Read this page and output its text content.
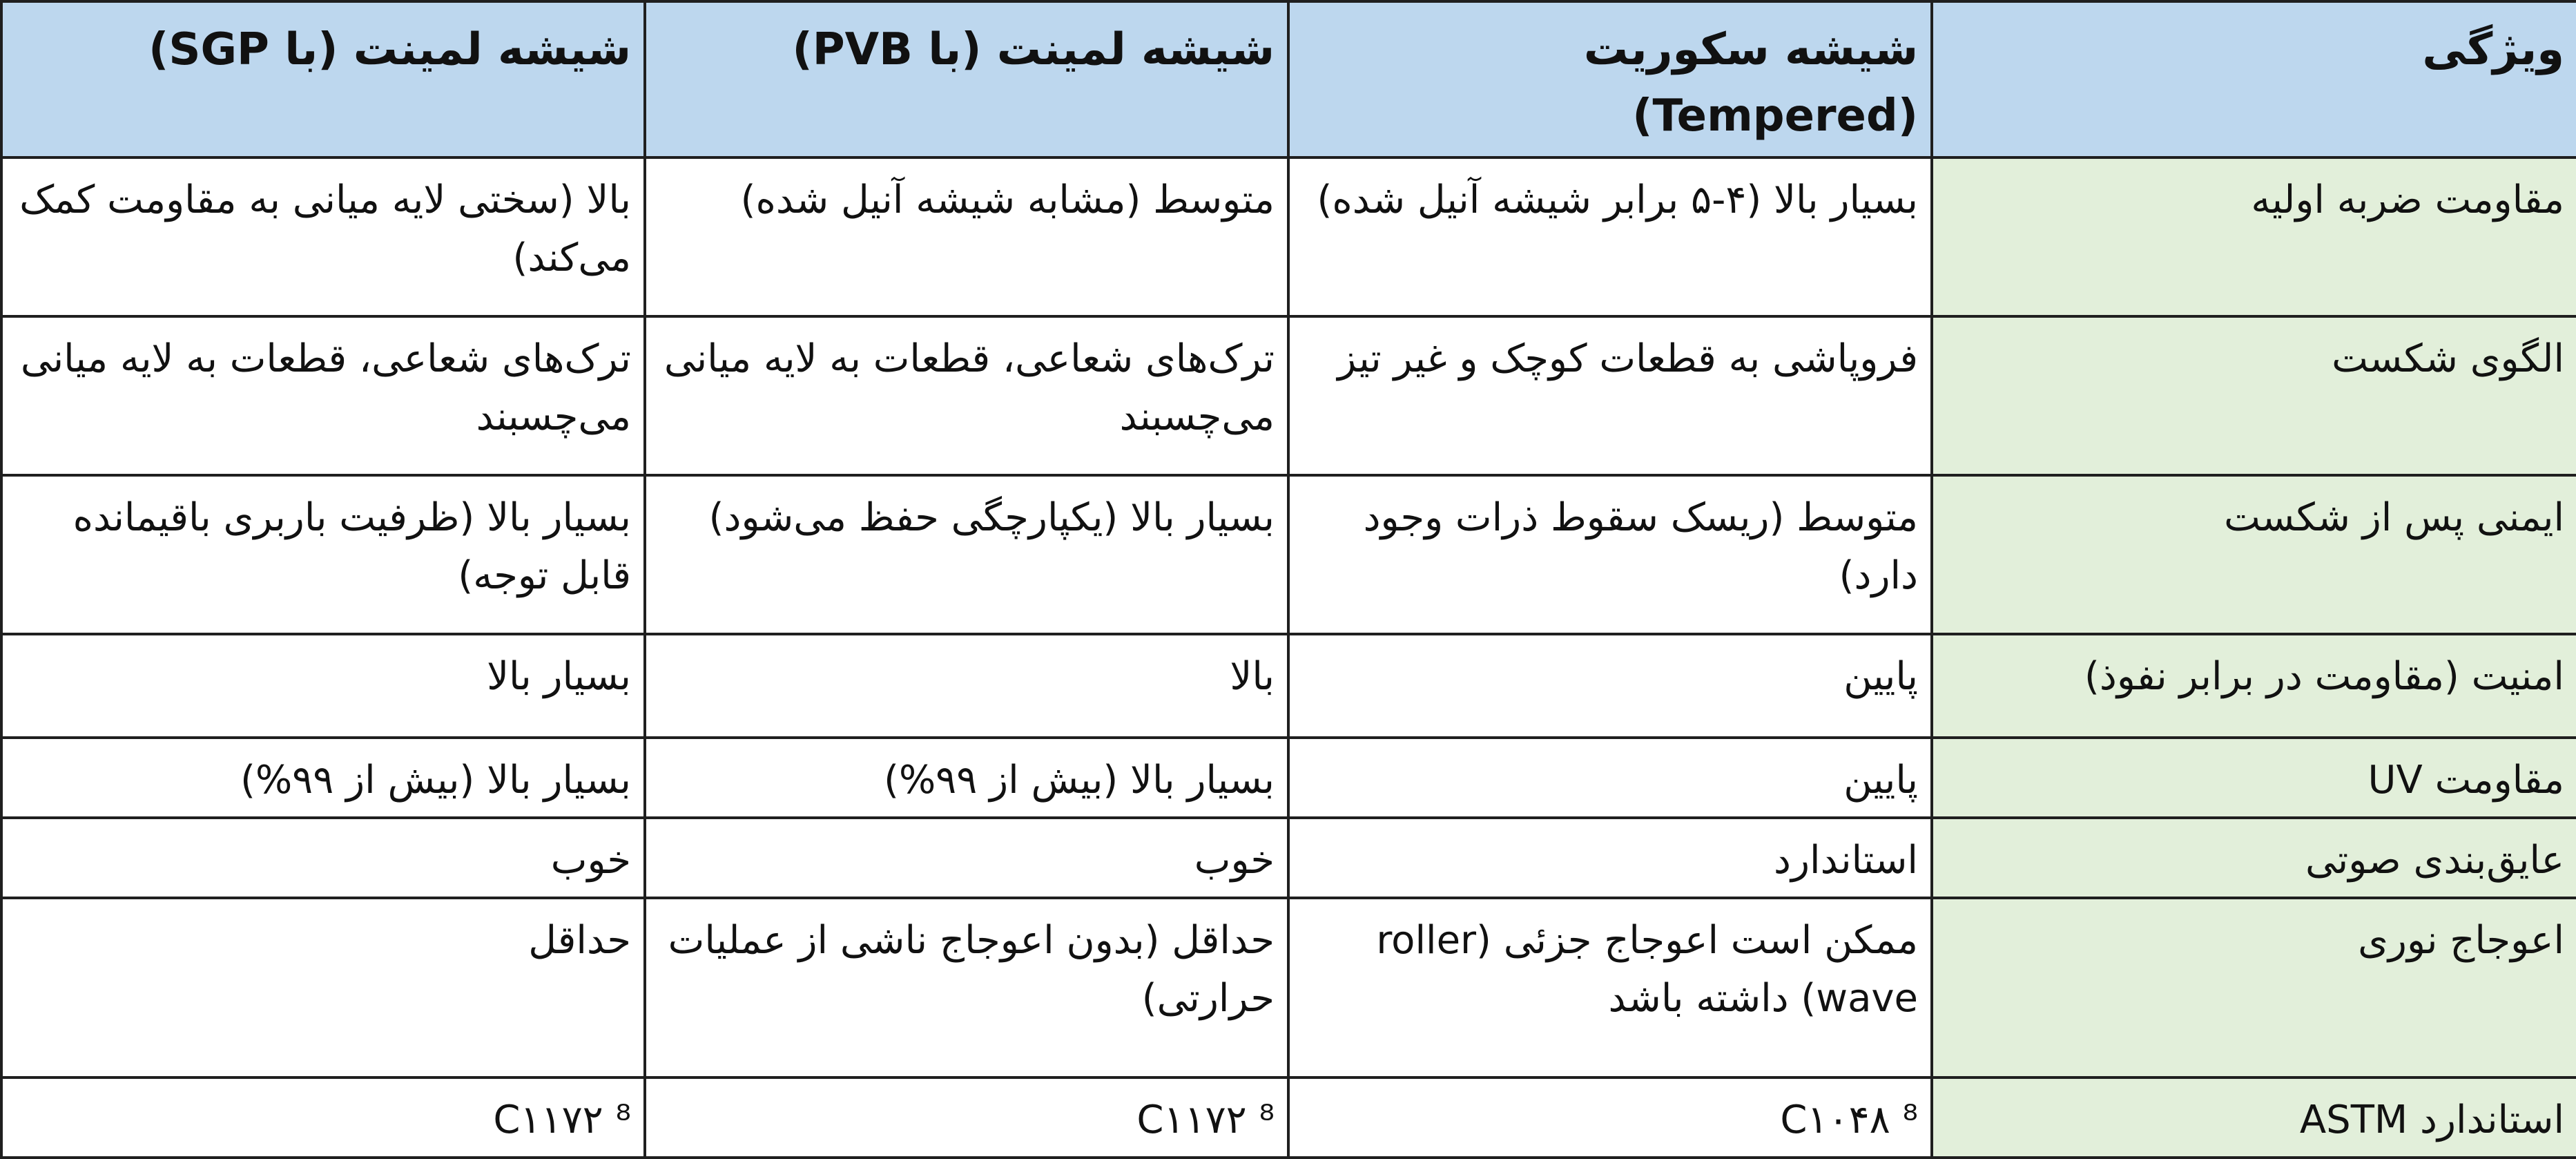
ویژگی	شیشه سکوریت (Tempered)	شیشه لمینت (با PVB)	شیشه لمینت (با SGP)
مقاومت ضربه اولیه	بسیار بالا (۴-۵ برابر شیشه آنیل شده)	متوسط (مشابه شیشه آنیل شده)	بالا (سختی لایه میانی به مقاومت کمک می‌کند)
الگوی شکست	فروپاشی به قطعات کوچک و غیر تیز	ترک‌های شعاعی، قطعات به لایه میانی می‌چسبند	ترک‌های شعاعی، قطعات به لایه میانی می‌چسبند
ایمنی پس از شکست	متوسط (ریسک سقوط ذرات وجود دارد)	بسیار بالا (یکپارچگی حفظ می‌شود)	بسیار بالا (ظرفیت باربری باقیمانده قابل توجه)
امنیت (مقاومت در برابر نفوذ)	پایین	بالا	بسیار بالا
مقاومت UV	پایین	بسیار بالا (بیش از ۹۹%)	بسیار بالا (بیش از ۹۹%)
عایق‌بندی صوتی	استاندارد	خوب	خوب
اعوجاج نوری	ممکن است اعوجاج جزئی (roller wave) داشته باشد	حداقل (بدون اعوجاج ناشی از عملیات حرارتی)	حداقل
استاندارد ASTM	C۱۰۴۸ ⁸	C۱۱۷۲ ⁸	C۱۱۷۲ ⁸
